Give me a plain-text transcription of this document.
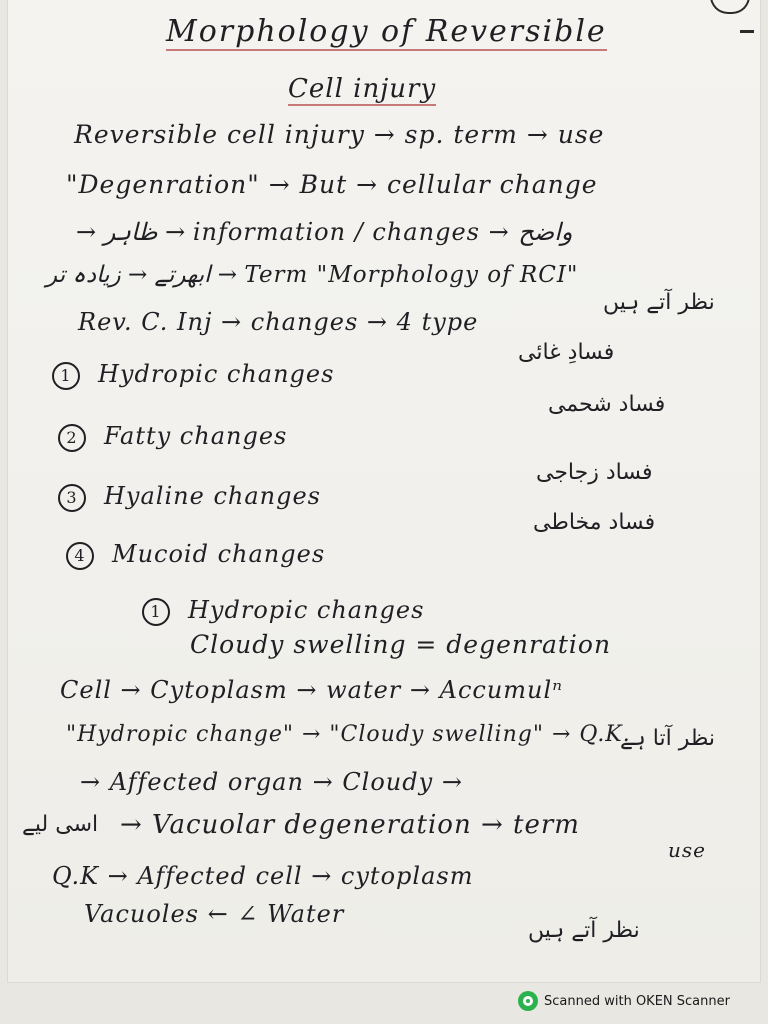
Morphology of Reversible
Cell injury
Reversible cell injury → sp. term → use
"Degenration" → But → cellular change
→ ظاہر → information / changes → واضح
ابھرتے → زیادہ تر → Term "Morphology of RCI"
Rev. C. Inj → changes → 4 type
نظر آتے ہیں
1 Hydropic changes
فسادِ غائی
2 Fatty changes
فساد شحمی
3 Hyaline changes
فساد زجاجی
4 Mucoid changes
فساد مخاطی
1 Hydropic changes
Cloudy swelling = degenration
Cell → Cytoplasm → water → Accumulⁿ
"Hydropic change" → "Cloudy swelling" → Q.K.
→ Affected organ → Cloudy →
نظر آتا ہے
اسی لیے → Vacuolar degeneration → term
use
Q.K → Affected cell → cytoplasm
Vacuoles ← ∠ Water
نظر آتے ہیں
Scanned with OKEN Scanner
